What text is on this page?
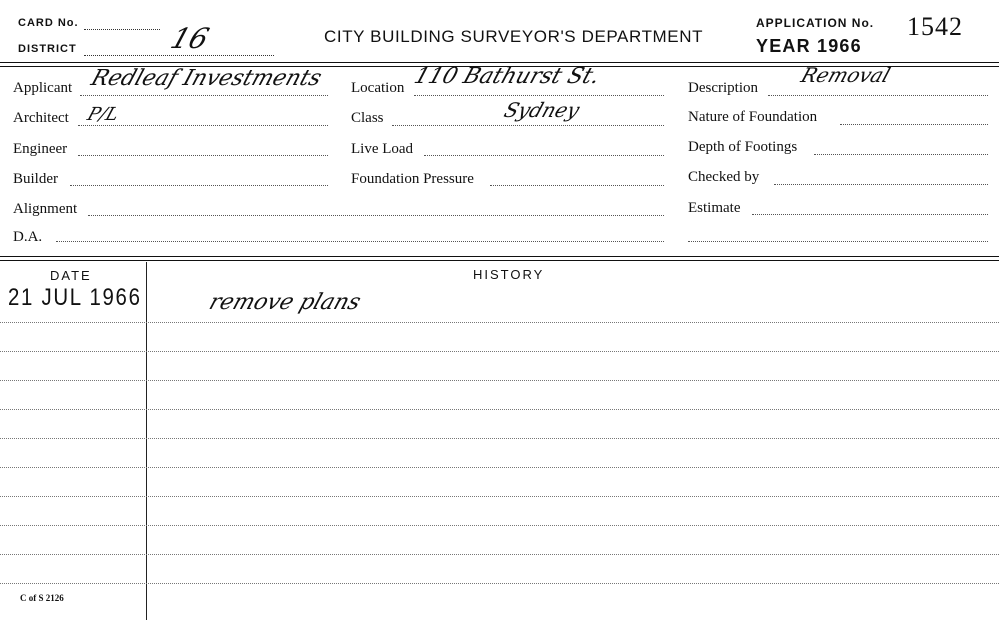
CARD No.
DISTRICT	16	CITY BUILDING SURVEYOR'S DEPARTMENT
APPLICATION No. 1542
YEAR 1966
Applicant Redleaf Investments
Architect P/L
Engineer
Builder
Alignment
D.A.
Location 110 Bathurst St.
Class	Sydney
Live Load
Foundation Pressure
Description
Removal
Nature of Foundation
Depth of Footings
Checked by
Estimate
DATE	HISTORY
21 JUL 1966	remove plans
C of S 2126
